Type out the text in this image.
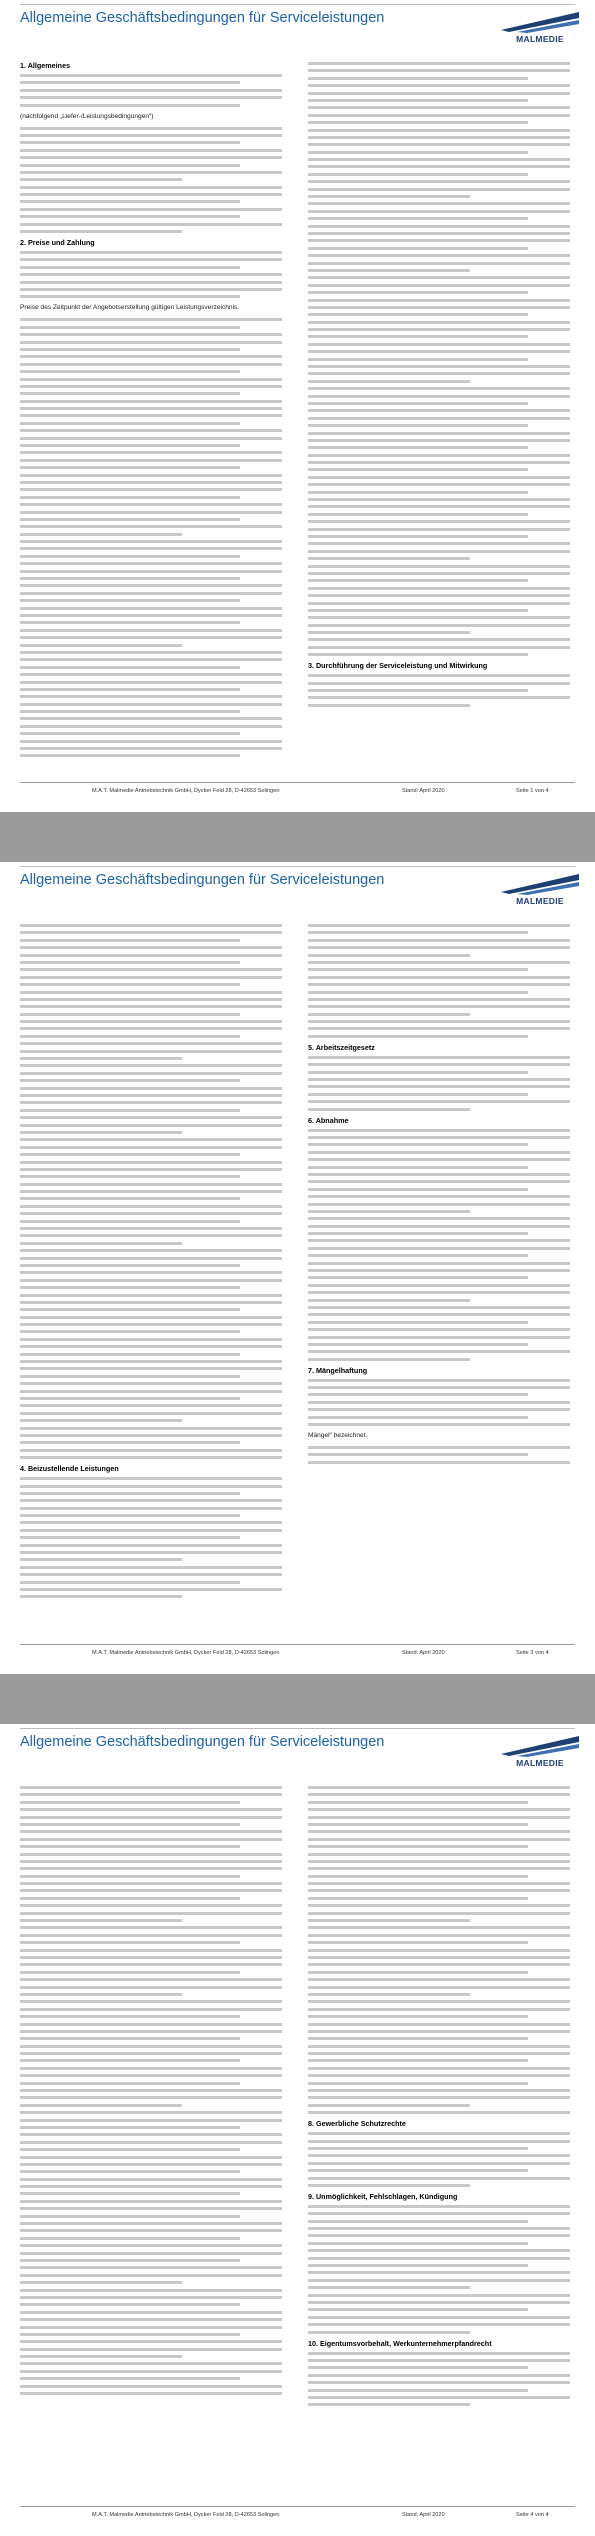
Allgemeine Geschäftsbedingungen für Serviceleistungen
MALMEDIE
1. Allgemeines
(nachfolgend „Liefer-/Leistungsbedingungen“)
2. Preise und Zahlung
Preise des Zeitpunkt der Angebotserstellung gültigen Leistungsverzeichnis.
3. Durchführung der Serviceleistung und Mitwirkung
M.A.T. Malmedie Antriebstechnik GmbH, Dycker Feld 28, D-42653 Solingen	Stand: April 2020	Seite 1 von 4
Allgemeine Geschäftsbedingungen für Serviceleistungen
MALMEDIE
4. Beizustellende Leistungen
5. Arbeitszeitgesetz
6. Abnahme
7. Mängelhaftung
Mängel“ bezeichnet.
M.A.T. Malmedie Antriebstechnik GmbH, Dycker Feld 28, D-42653 Solingen	Stand: April 2020	Seite 3 von 4
Allgemeine Geschäftsbedingungen für Serviceleistungen
MALMEDIE
8. Gewerbliche Schutzrechte
9. Unmöglichkeit, Fehlschlagen, Kündigung
10. Eigentumsvorbehalt, Werkunternehmerpfandrecht
M.A.T. Malmedie Antriebstechnik GmbH, Dycker Feld 28, D-42653 Solingen	Stand: April 2020	Seite 4 von 4
